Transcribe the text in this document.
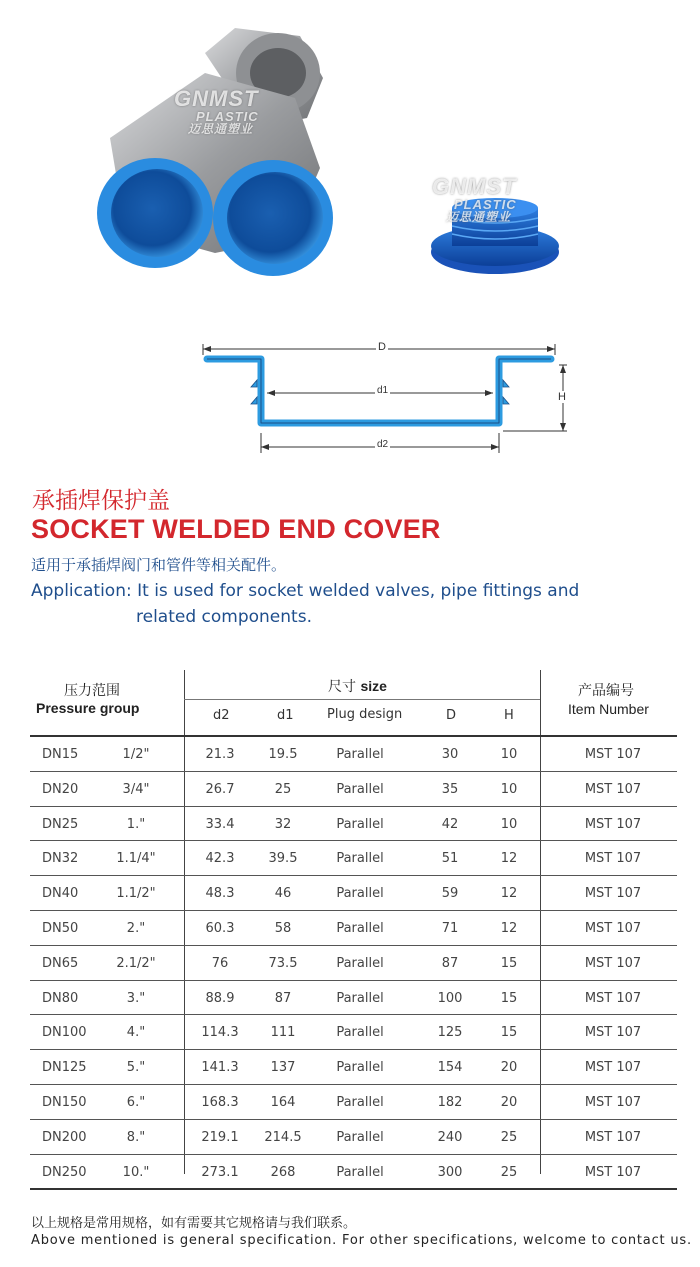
GNMST
PLASTIC
迈思通塑业
GNMST
PLASTIC
迈思通塑业
D
d1
d2
H
承插焊保护盖
SOCKET WELDED END COVER
适用于承插焊阀门和管件等相关配件。
Application: It is used for socket welded valves, pipe fittings and
related components.
压力范围
Pressure group
尺寸 size
d2	d1	Plug design	D	H
产品编号
Item Number
DN15	1/2"	21.3	19.5	Parallel	30	10	MST 107
DN20	3/4"	26.7	25	Parallel	35	10	MST 107
DN25	1."	33.4	32	Parallel	42	10	MST 107
DN32	1.1/4"	42.3	39.5	Parallel	51	12	MST 107
DN40	1.1/2"	48.3	46	Parallel	59	12	MST 107
DN50	2."	60.3	58	Parallel	71	12	MST 107
DN65	2.1/2"	76	73.5	Parallel	87	15	MST 107
DN80	3."	88.9	87	Parallel	100	15	MST 107
DN100	4."	114.3	111	Parallel	125	15	MST 107
DN125	5."	141.3	137	Parallel	154	20	MST 107
DN150	6."	168.3	164	Parallel	182	20	MST 107
DN200	8."	219.1	214.5	Parallel	240	25	MST 107
DN250	10."	273.1	268	Parallel	300	25	MST 107
以上规格是常用规格，如有需要其它规格请与我们联系。
Above mentioned is general specification. For other specifications, welcome to contact us.
